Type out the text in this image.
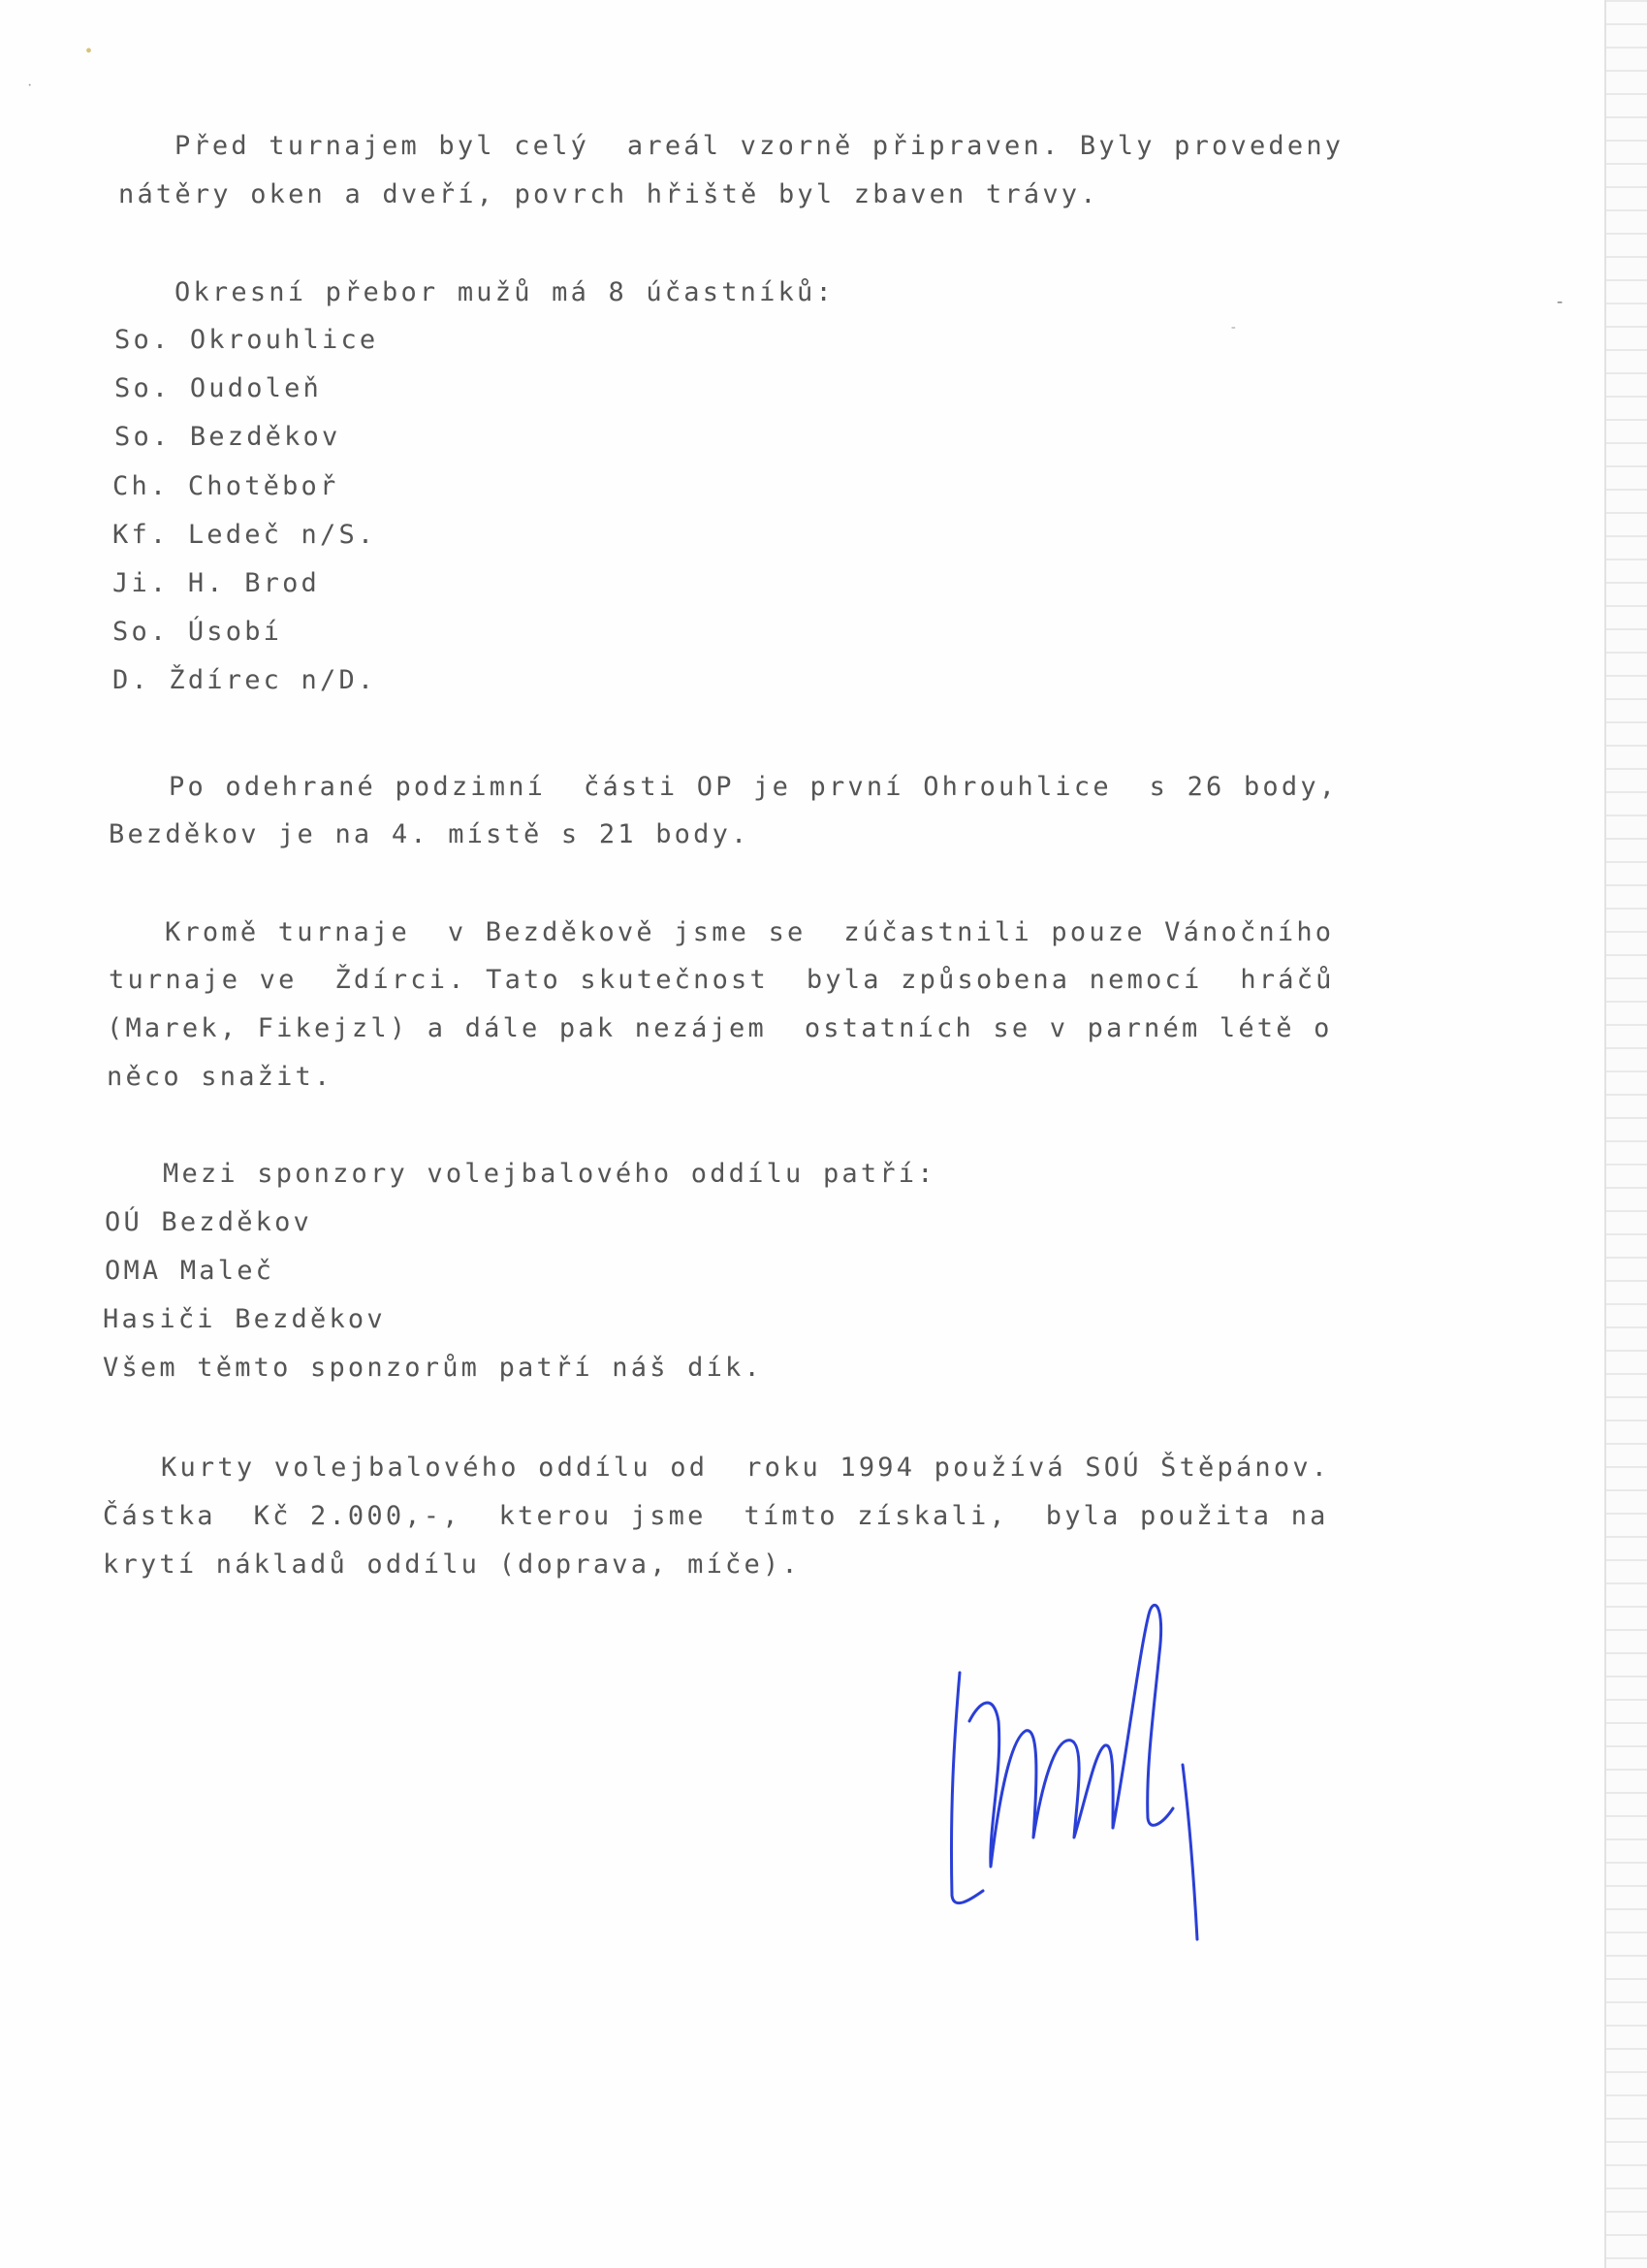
•
·
-
-
Před turnajem byl celý  areál vzorně připraven. Byly provedeny
nátěry oken a dveří, povrch hřiště byl zbaven trávy.
Okresní přebor mužů má 8 účastníků:
So. Okrouhlice
So. Oudoleň
So. Bezděkov
Ch. Chotěboř
Kf. Ledeč n/S.
Ji. H. Brod
So. Úsobí
D. Ždírec n/D.
Po odehrané podzimní  části OP je první Ohrouhlice  s 26 body,
Bezděkov je na 4. místě s 21 body.
Kromě turnaje  v Bezděkově jsme se  zúčastnili pouze Vánočního
turnaje ve  Ždírci. Tato skutečnost  byla způsobena nemocí  hráčů
(Marek, Fikejzl) a dále pak nezájem  ostatních se v parném létě o
něco snažit.
Mezi sponzory volejbalového oddílu patří:
OÚ Bezděkov
OMA Maleč
Hasiči Bezděkov
Všem těmto sponzorům patří náš dík.
Kurty volejbalového oddílu od  roku 1994 používá SOÚ Štěpánov.
Částka  Kč 2.000,-,  kterou jsme  tímto získali,  byla použita na
krytí nákladů oddílu (doprava, míče).
